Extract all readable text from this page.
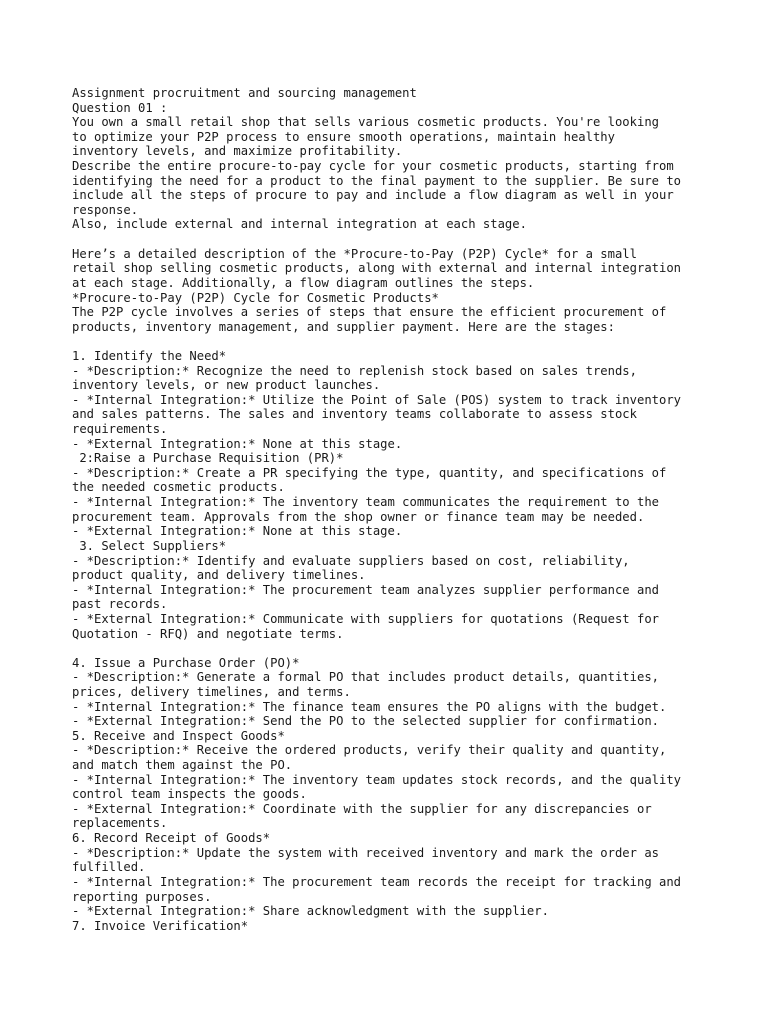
Assignment procruitment and sourcing management
Question 01 :
You own a small retail shop that sells various cosmetic products. You're looking
to optimize your P2P process to ensure smooth operations, maintain healthy
inventory levels, and maximize profitability.
Describe the entire procure-to-pay cycle for your cosmetic products, starting from
identifying the need for a product to the final payment to the supplier. Be sure to
include all the steps of procure to pay and include a flow diagram as well in your
response.
Also, include external and internal integration at each stage.
Here’s a detailed description of the *Procure-to-Pay (P2P) Cycle* for a small
retail shop selling cosmetic products, along with external and internal integration
at each stage. Additionally, a flow diagram outlines the steps.
*Procure-to-Pay (P2P) Cycle for Cosmetic Products*
The P2P cycle involves a series of steps that ensure the efficient procurement of
products, inventory management, and supplier payment. Here are the stages:
1. Identify the Need*
- *Description:* Recognize the need to replenish stock based on sales trends,
inventory levels, or new product launches.
- *Internal Integration:* Utilize the Point of Sale (POS) system to track inventory
and sales patterns. The sales and inventory teams collaborate to assess stock
requirements.
- *External Integration:* None at this stage.
2:Raise a Purchase Requisition (PR)*
- *Description:* Create a PR specifying the type, quantity, and specifications of
the needed cosmetic products.
- *Internal Integration:* The inventory team communicates the requirement to the
procurement team. Approvals from the shop owner or finance team may be needed.
- *External Integration:* None at this stage.
3. Select Suppliers*
- *Description:* Identify and evaluate suppliers based on cost, reliability,
product quality, and delivery timelines.
- *Internal Integration:* The procurement team analyzes supplier performance and
past records.
- *External Integration:* Communicate with suppliers for quotations (Request for
Quotation - RFQ) and negotiate terms.
4. Issue a Purchase Order (PO)*
- *Description:* Generate a formal PO that includes product details, quantities,
prices, delivery timelines, and terms.
- *Internal Integration:* The finance team ensures the PO aligns with the budget.
- *External Integration:* Send the PO to the selected supplier for confirmation.
5. Receive and Inspect Goods*
- *Description:* Receive the ordered products, verify their quality and quantity,
and match them against the PO.
- *Internal Integration:* The inventory team updates stock records, and the quality
control team inspects the goods.
- *External Integration:* Coordinate with the supplier for any discrepancies or
replacements.
6. Record Receipt of Goods*
- *Description:* Update the system with received inventory and mark the order as
fulfilled.
- *Internal Integration:* The procurement team records the receipt for tracking and
reporting purposes.
- *External Integration:* Share acknowledgment with the supplier.
7. Invoice Verification*
